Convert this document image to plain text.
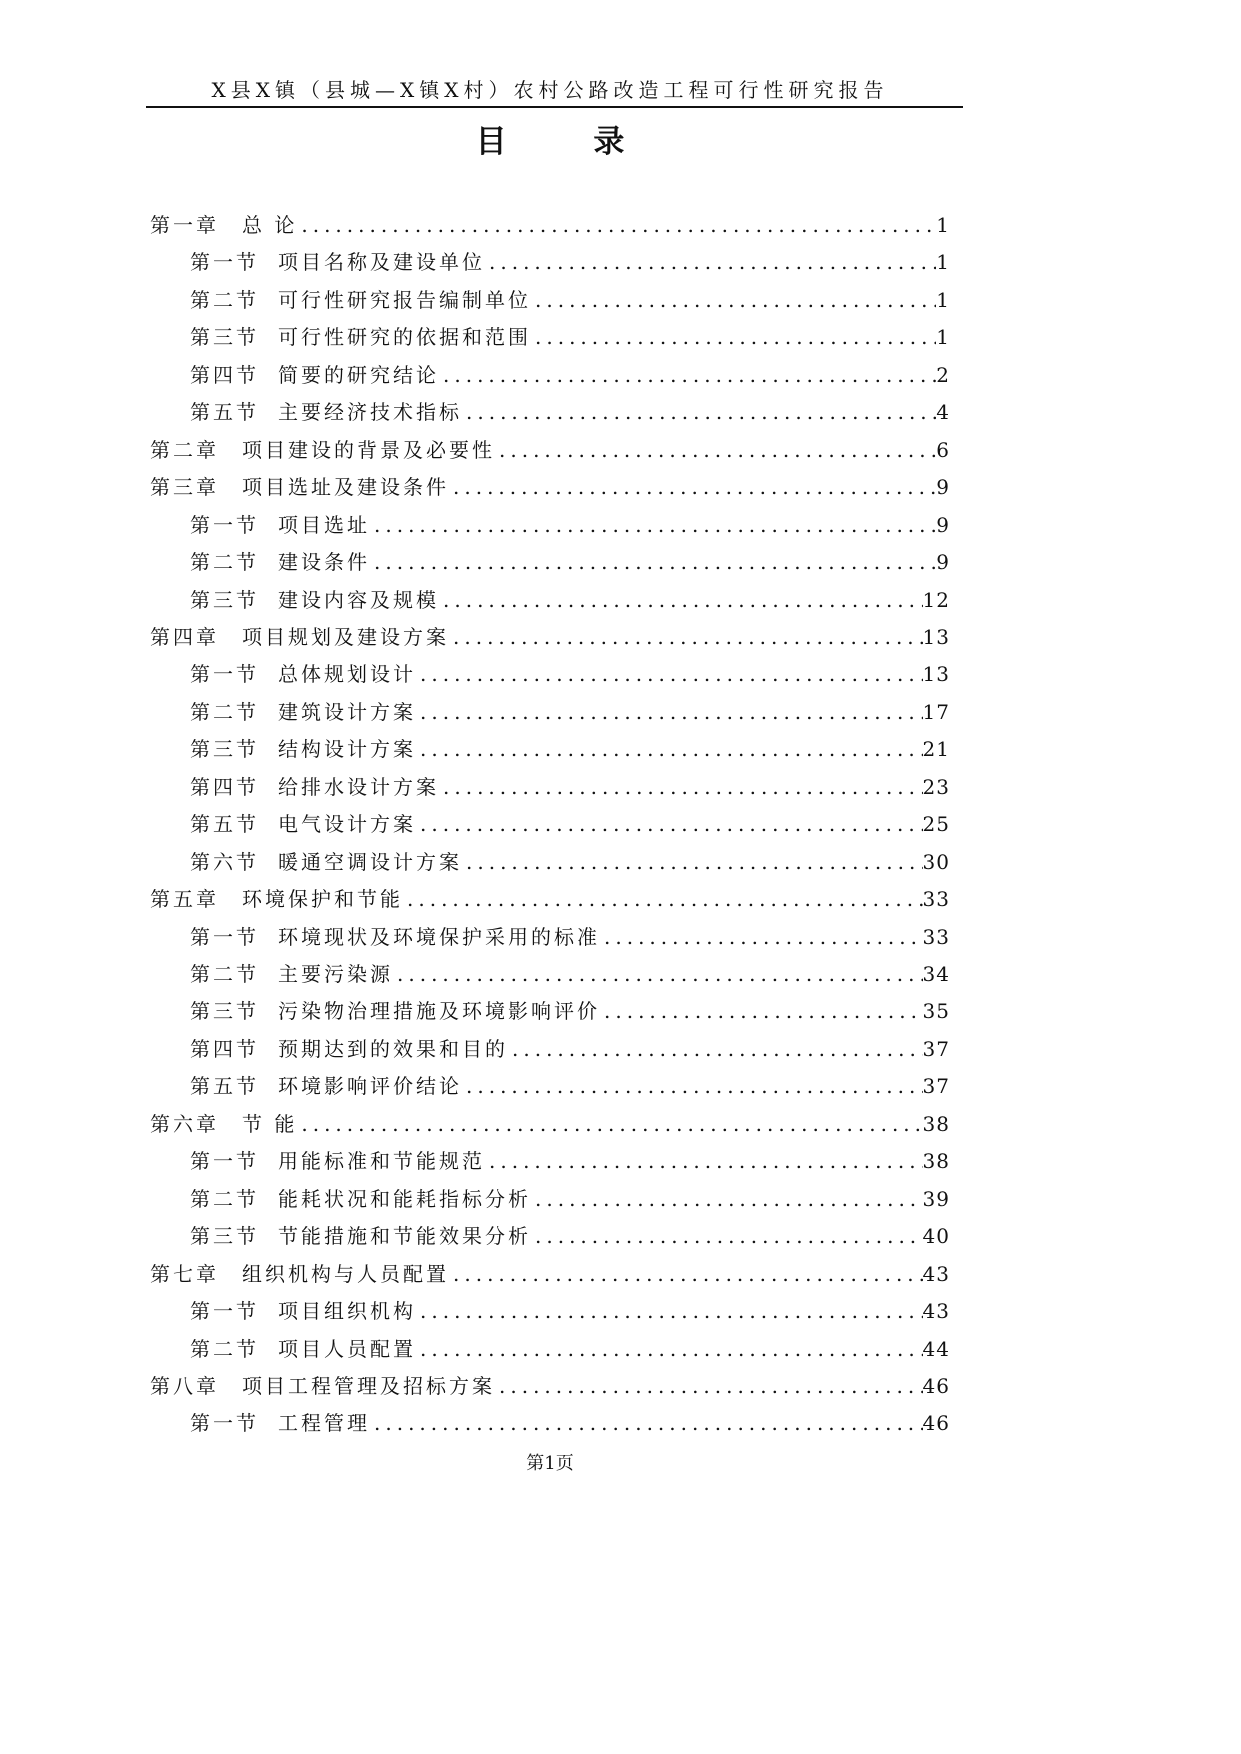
X县X镇（县城—X镇X村）农村公路改造工程可行性研究报告
目 录
第一章	总 论 .....	1
第一节 项目名称及建设单位 .....	1
第二节 可行性研究报告编制单位 .....	1
第三节 可行性研究的依据和范围 .....	1
第四节 简要的研究结论 .....	2
第五节 主要经济技术指标 .....	4
第二章	项目建设的背景及必要性 .....	6
第三章	项目选址及建设条件 .....	9
第一节 项目选址 .....	9
第二节 建设条件 .....	9
第三节 建设内容及规模 .....	12
第四章	项目规划及建设方案 .....	13
第一节 总体规划设计 .....	13
第二节 建筑设计方案 .....	17
第三节 结构设计方案 .....	21
第四节 给排水设计方案 .....	23
第五节 电气设计方案 .....	25
第六节 暖通空调设计方案 .....	30
第五章	环境保护和节能 .....	33
第一节 环境现状及环境保护采用的标准 .....	33
第二节 主要污染源 .....	34
第三节 污染物治理措施及环境影响评价 .....	35
第四节 预期达到的效果和目的 .....	37
第五节 环境影响评价结论 .....	37
第六章	节 能 .....	38
第一节 用能标准和节能规范 .....	38
第二节 能耗状况和能耗指标分析 .....	39
第三节 节能措施和节能效果分析 .....	40
第七章	组织机构与人员配置 .....	43
第一节 项目组织机构 .....	43
第二节 项目人员配置 .....	44
第八章	项目工程管理及招标方案 .....	46
第一节 工程管理 .....	46
第1页
